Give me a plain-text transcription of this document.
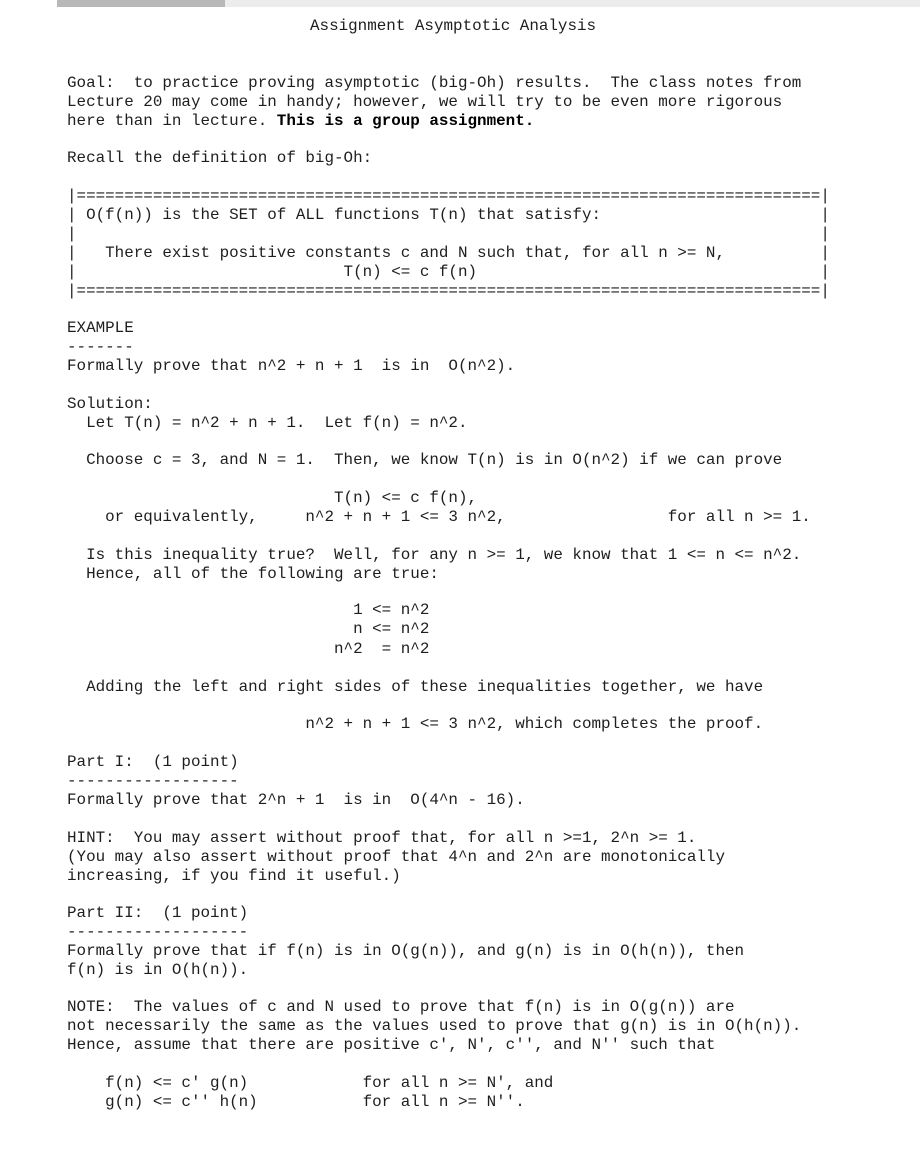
Assignment Asymptotic Analysis
Goal:  to practice proving asymptotic (big-Oh) results.  The class notes from
Lecture 20 may come in handy; however, we will try to be even more rigorous
here than in lecture. This is a group assignment.
Recall the definition of big-Oh:
|==============================================================================|
| O(f(n)) is the SET of ALL functions T(n) that satisfy:                       |
|                                                                              |
|   There exist positive constants c and N such that, for all n >= N,          |
|                            T(n) <= c f(n)                                    |
|==============================================================================|
EXAMPLE
-------
Formally prove that n^2 + n + 1  is in  O(n^2).
Solution:
Let T(n) = n^2 + n + 1.  Let f(n) = n^2.
Choose c = 3, and N = 1.  Then, we know T(n) is in O(n^2) if we can prove
T(n) <= c f(n),
or equivalently,     n^2 + n + 1 <= 3 n^2,                 for all n >= 1.
Is this inequality true?  Well, for any n >= 1, we know that 1 <= n <= n^2.
Hence, all of the following are true:
1 <= n^2
n <= n^2
n^2  = n^2
Adding the left and right sides of these inequalities together, we have
n^2 + n + 1 <= 3 n^2, which completes the proof.
Part I:  (1 point)
------------------
Formally prove that 2^n + 1  is in  O(4^n - 16).
HINT:  You may assert without proof that, for all n >=1, 2^n >= 1.
(You may also assert without proof that 4^n and 2^n are monotonically
increasing, if you find it useful.)
Part II:  (1 point)
-------------------
Formally prove that if f(n) is in O(g(n)), and g(n) is in O(h(n)), then
f(n) is in O(h(n)).
NOTE:  The values of c and N used to prove that f(n) is in O(g(n)) are
not necessarily the same as the values used to prove that g(n) is in O(h(n)).
Hence, assume that there are positive c', N', c'', and N'' such that
f(n) <= c' g(n)            for all n >= N', and
g(n) <= c'' h(n)           for all n >= N''.
